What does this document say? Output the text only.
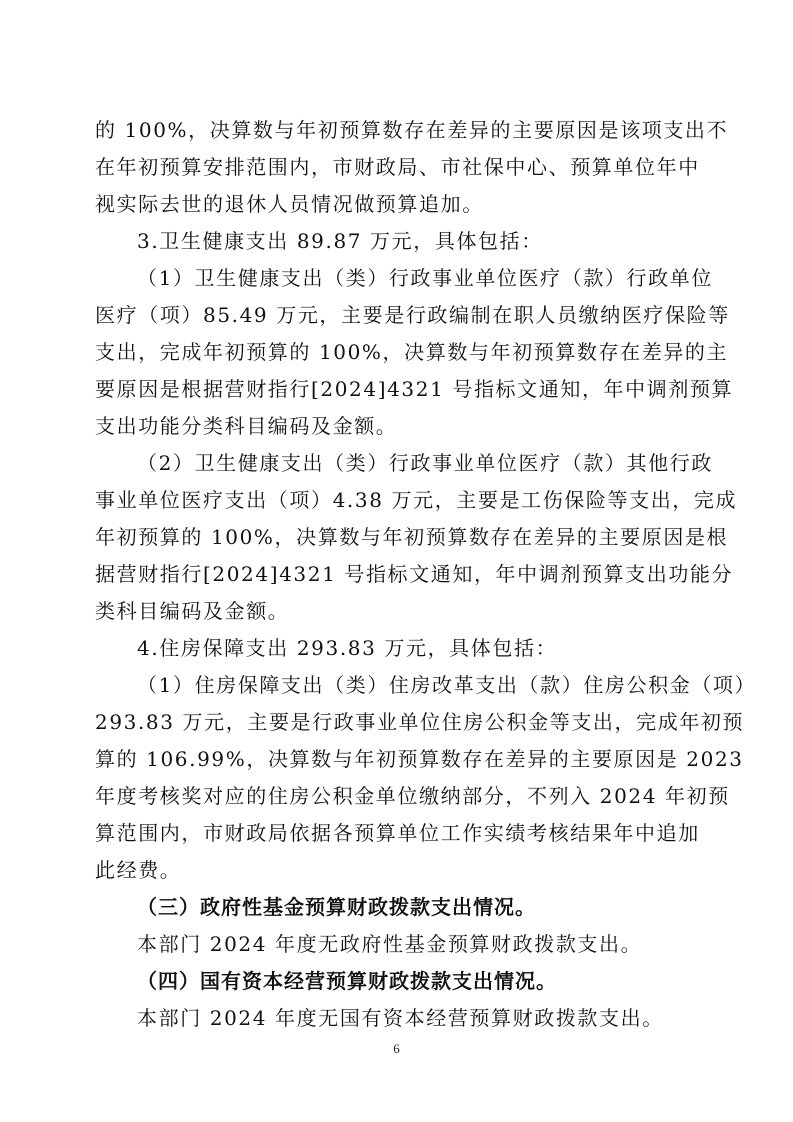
的 100%，决算数与年初预算数存在差异的主要原因是该项支出不
在年初预算安排范围内，市财政局、市社保中心、预算单位年中
视实际去世的退休人员情况做预算追加。
3.卫生健康支出 89.87 万元，具体包括：
（1）卫生健康支出（类）行政事业单位医疗（款）行政单位
医疗（项）85.49 万元，主要是行政编制在职人员缴纳医疗保险等
支出，完成年初预算的 100%，决算数与年初预算数存在差异的主
要原因是根据营财指行[2024]4321 号指标文通知，年中调剂预算
支出功能分类科目编码及金额。
（2）卫生健康支出（类）行政事业单位医疗（款）其他行政
事业单位医疗支出（项）4.38 万元，主要是工伤保险等支出，完成
年初预算的 100%，决算数与年初预算数存在差异的主要原因是根
据营财指行[2024]4321 号指标文通知，年中调剂预算支出功能分
类科目编码及金额。
4.住房保障支出 293.83 万元，具体包括：
（1）住房保障支出（类）住房改革支出（款）住房公积金（项）
293.83 万元，主要是行政事业单位住房公积金等支出，完成年初预
算的 106.99%，决算数与年初预算数存在差异的主要原因是 2023
年度考核奖对应的住房公积金单位缴纳部分，不列入 2024 年初预
算范围内，市财政局依据各预算单位工作实绩考核结果年中追加
此经费。
（三）政府性基金预算财政拨款支出情况。
本部门 2024 年度无政府性基金预算财政拨款支出。
6
（四）国有资本经营预算财政拨款支出情况。
本部门 2024 年度无国有资本经营预算财政拨款支出。
